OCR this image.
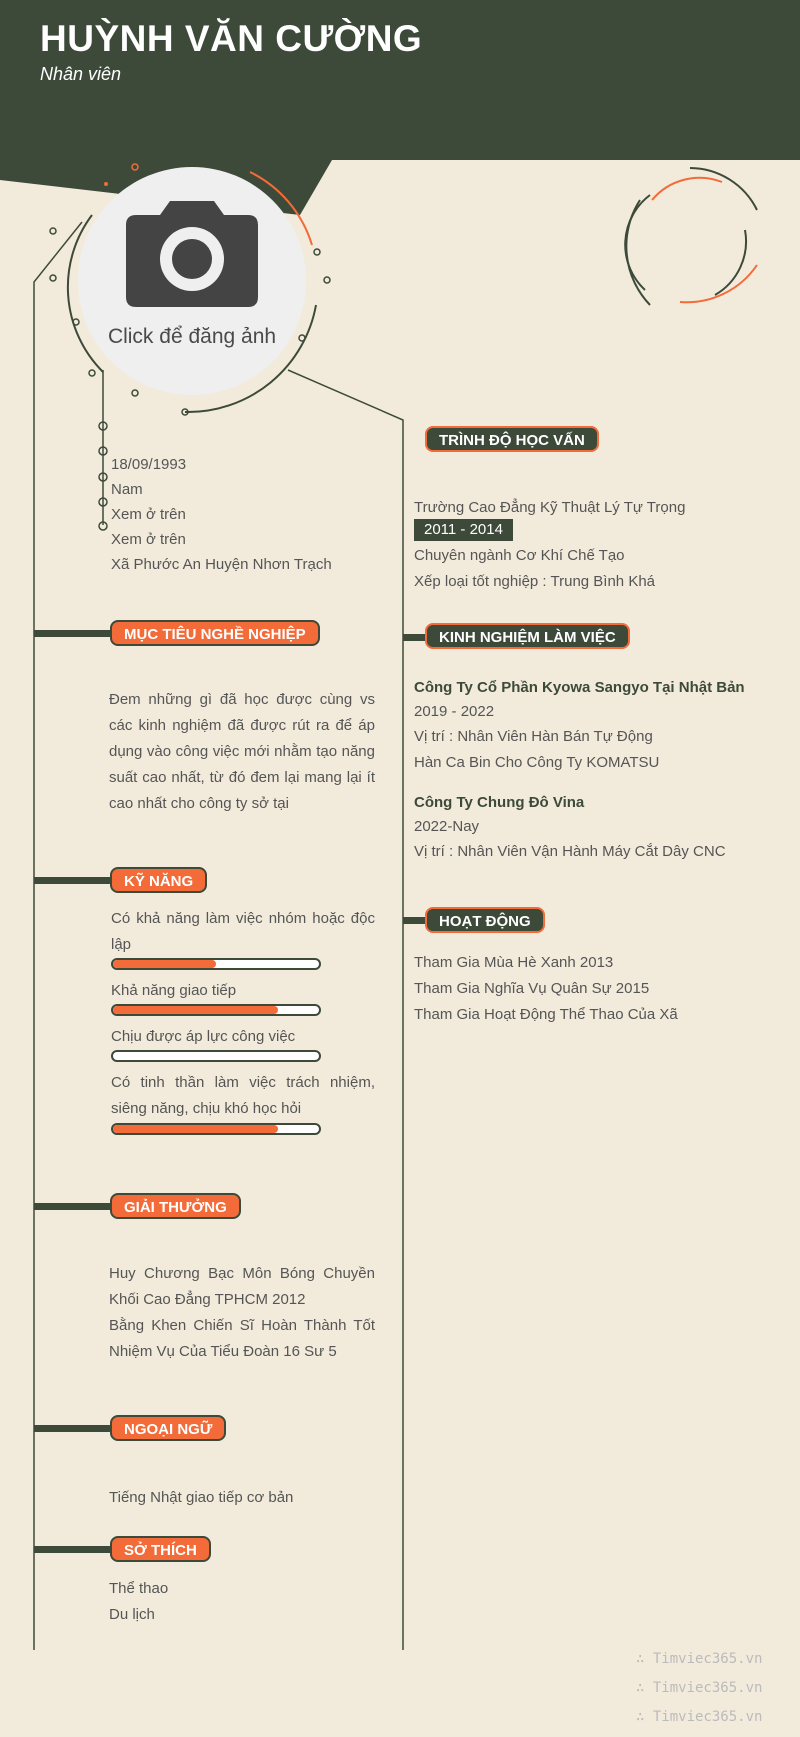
HUỲNH VĂN CƯỜNG
Nhân viên
Click để đăng ảnh
18/09/1993
Nam
Xem ở trên
Xem ở trên
Xã Phước An Huyện Nhơn Trạch
MỤC TIÊU NGHỀ NGHIỆP
Đem những gì đã học được cùng vs các kinh nghiệm đã được rút ra để áp dụng vào công việc mới nhằm tạo năng suất cao nhất, từ đó đem lại mang lại ít cao nhất cho công ty sở tại
KỸ NĂNG
Có khả năng làm việc nhóm hoặc độc lập
Khả năng giao tiếp
Chịu được áp lực công việc
Có tinh thần làm việc trách nhiệm, siêng năng, chịu khó học hỏi
GIẢI THƯỞNG
Huy Chương Bạc Môn Bóng Chuyền Khối Cao Đẳng TPHCM 2012
Bằng Khen Chiến Sĩ Hoàn Thành Tốt Nhiệm Vụ Của Tiểu Đoàn 16 Sư 5
NGOẠI NGỮ
Tiếng Nhật giao tiếp cơ bản
SỞ THÍCH
Thể thao
Du lịch
TRÌNH ĐỘ HỌC VẤN
Trường Cao Đẳng Kỹ Thuật Lý Tự Trọng
2011 - 2014
Chuyên ngành Cơ Khí Chế Tạo
Xếp loại tốt nghiệp : Trung Bình Khá
KINH NGHIỆM LÀM VIỆC
Công Ty Cổ Phần Kyowa Sangyo Tại Nhật Bản
2019 - 2022
Vị trí : Nhân Viên Hàn Bán Tự Động
Hàn Ca Bin Cho Công Ty KOMATSU
Công Ty Chung Đô Vina
2022-Nay
Vị trí : Nhân Viên Vận Hành Máy Cắt Dây CNC
HOẠT ĐỘNG
Tham Gia Mùa Hè Xanh 2013
Tham Gia Nghĩa Vụ Quân Sự 2015
Tham Gia Hoạt Động Thể Thao Của Xã
∴ Timviec365.vn
∴ Timviec365.vn
∴ Timviec365.vn
